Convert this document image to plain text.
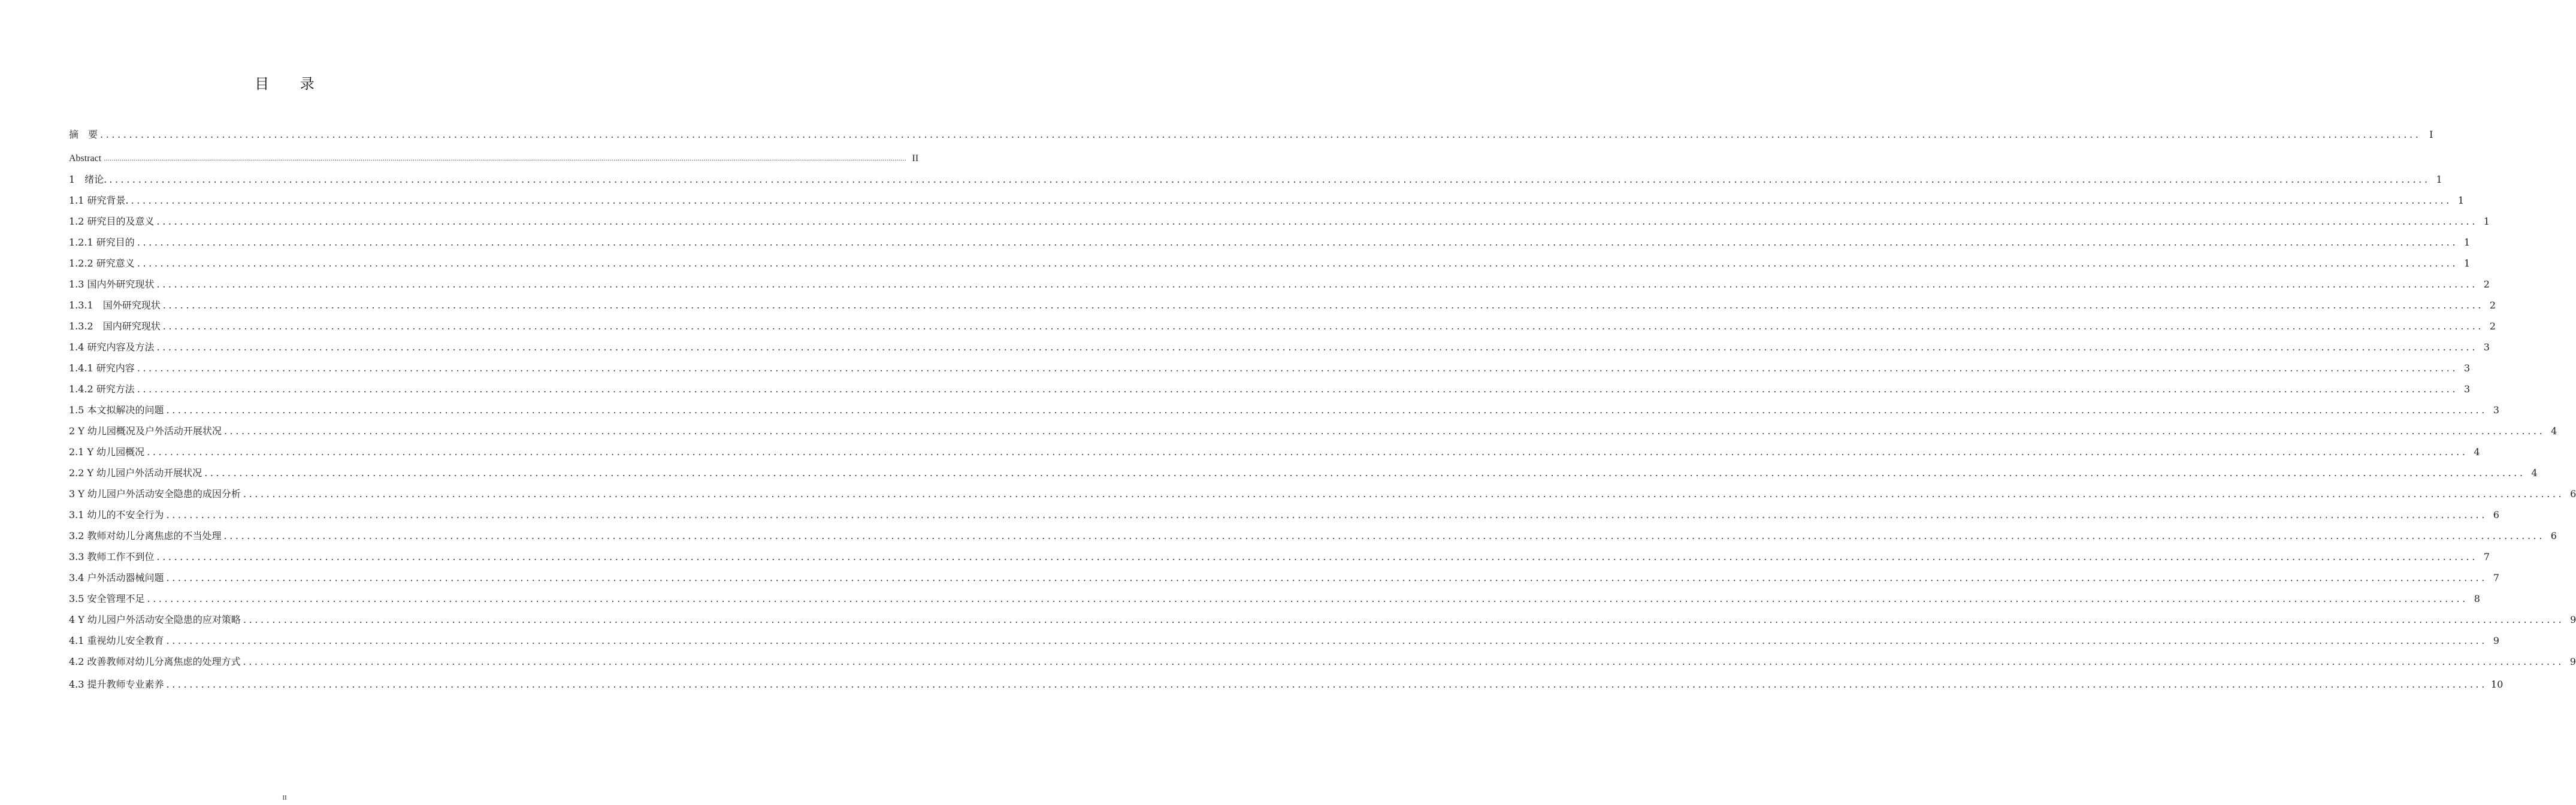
目 录
摘　要 ................................................................................................................................................................................................................................................................................................................................................................................................................ I
Abstract ................................................................................................................................................................................................................................................................................................................................................................................................................ II
1　绪论. ................................................................................................................................................................................................................................................................................................................................................................................................................ 1
1.1 研究背景. ................................................................................................................................................................................................................................................................................................................................................................................................................ 1
1.2 研究目的及意义 ................................................................................................................................................................................................................................................................................................................................................................................................................ 1
1.2.1 研究目的 ................................................................................................................................................................................................................................................................................................................................................................................................................ 1
1.2.2 研究意义 ................................................................................................................................................................................................................................................................................................................................................................................................................ 1
1.3 国内外研究现状 ................................................................................................................................................................................................................................................................................................................................................................................................................ 2
1.3.1　国外研究现状 ................................................................................................................................................................................................................................................................................................................................................................................................................ 2
1.3.2　国内研究现状 ................................................................................................................................................................................................................................................................................................................................................................................................................ 2
1.4 研究内容及方法 ................................................................................................................................................................................................................................................................................................................................................................................................................ 3
1.4.1 研究内容 ................................................................................................................................................................................................................................................................................................................................................................................................................ 3
1.4.2 研究方法 ................................................................................................................................................................................................................................................................................................................................................................................................................ 3
1.5 本文拟解决的问题 ................................................................................................................................................................................................................................................................................................................................................................................................................ 3
2 Y 幼儿园概况及户外活动开展状况 ................................................................................................................................................................................................................................................................................................................................................................................................................ 4
2.1 Y 幼儿园概况 ................................................................................................................................................................................................................................................................................................................................................................................................................ 4
2.2 Y 幼儿园户外活动开展状况 ................................................................................................................................................................................................................................................................................................................................................................................................................ 4
3 Y 幼儿园户外活动安全隐患的成因分析 ................................................................................................................................................................................................................................................................................................................................................................................................................ 6
3.1 幼儿的不安全行为 ................................................................................................................................................................................................................................................................................................................................................................................................................ 6
3.2 教师对幼儿分离焦虑的不当处理 ................................................................................................................................................................................................................................................................................................................................................................................................................ 6
3.3 教师工作不到位 ................................................................................................................................................................................................................................................................................................................................................................................................................ 7
3.4 户外活动器械问题 ................................................................................................................................................................................................................................................................................................................................................................................................................ 7
3.5 安全管理不足 ................................................................................................................................................................................................................................................................................................................................................................................................................ 8
4 Y 幼儿园户外活动安全隐患的应对策略 ................................................................................................................................................................................................................................................................................................................................................................................................................ 9
4.1 重视幼儿安全教育 ................................................................................................................................................................................................................................................................................................................................................................................................................ 9
4.2 改善教师对幼儿分离焦虑的处理方式 ................................................................................................................................................................................................................................................................................................................................................................................................................ 9
4.3 提升教师专业素养 ................................................................................................................................................................................................................................................................................................................................................................................................................ 10
II
